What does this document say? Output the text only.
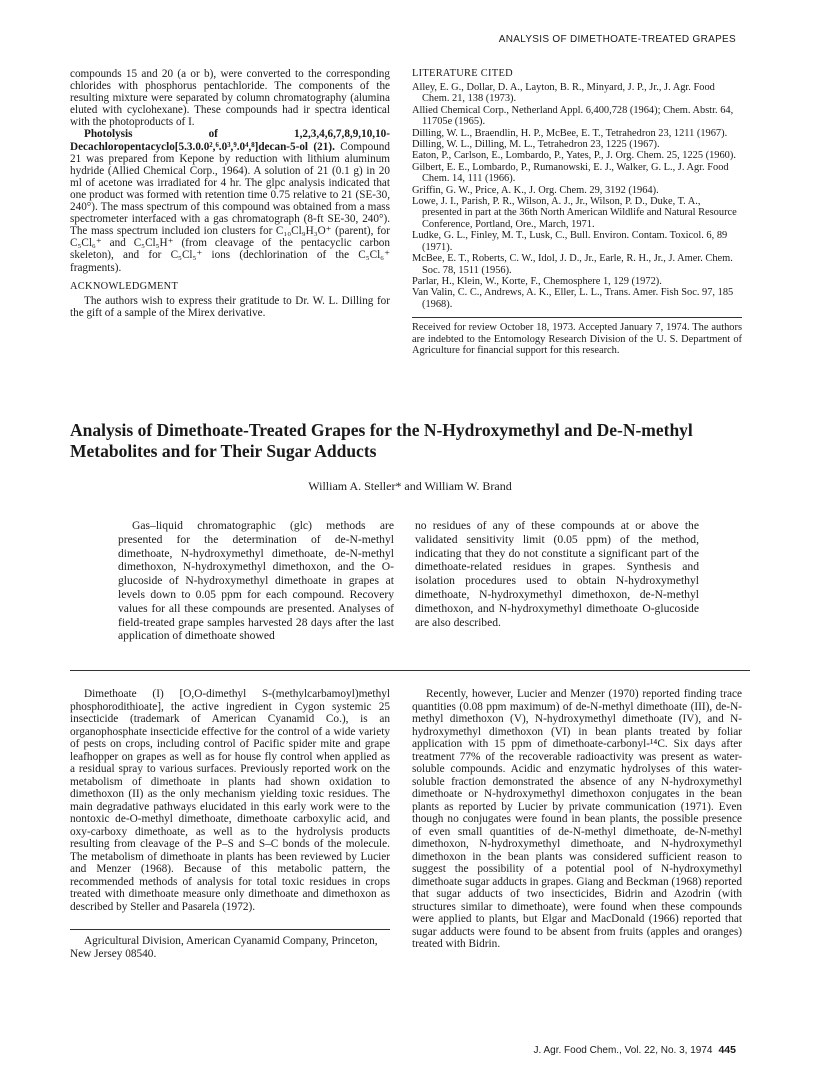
ANALYSIS OF DIMETHOATE-TREATED GRAPES

compounds 15 and 20 (a or b), were converted to the corresponding chlorides with phosphorus pentachloride. The components of the resulting mixture were separated by column chromatography (alumina eluted with cyclohexane). These compounds had ir spectra identical with the photoproducts of I.

Photolysis of 1,2,3,4,6,7,8,9,10,10-Decachloropentacyclo[5.3.0.0²,⁶.0³,⁹.0⁴,⁸]decan-5-ol (21). Compound 21 was prepared from Kepone by reduction with lithium aluminum hydride (Allied Chemical Corp., 1964). A solution of 21 (0.1 g) in 20 ml of acetone was irradiated for 4 hr. The glpc analysis indicated that one product was formed with retention time 0.75 relative to 21 (SE-30, 240°). The mass spectrum of this compound was obtained from a mass spectrometer interfaced with a gas chromatograph (8-ft SE-30, 240°). The mass spectrum included ion clusters for C₁₀Cl₉H₃O⁺ (parent), for C₅Cl₆⁺ and C₅Cl₅H⁺ (from cleavage of the pentacyclic carbon skeleton), and for C₅Cl₅⁺ ions (dechlorination of the C₅Cl₆⁺ fragments).

ACKNOWLEDGMENT

The authors wish to express their gratitude to Dr. W. L. Dilling for the gift of a sample of the Mirex derivative.

LITERATURE CITED

Alley, E. G., Dollar, D. A., Layton, B. R., Minyard, J. P., Jr., J. Agr. Food Chem. 21, 138 (1973).

Allied Chemical Corp., Netherland Appl. 6,400,728 (1964); Chem. Abstr. 64, 11705e (1965).

Dilling, W. L., Braendlin, H. P., McBee, E. T., Tetrahedron 23, 1211 (1967).

Dilling, W. L., Dilling, M. L., Tetrahedron 23, 1225 (1967).

Eaton, P., Carlson, E., Lombardo, P., Yates, P., J. Org. Chem. 25, 1225 (1960).

Gilbert, E. E., Lombardo, P., Rumanowski, E. J., Walker, G. L., J. Agr. Food Chem. 14, 111 (1966).

Griffin, G. W., Price, A. K., J. Org. Chem. 29, 3192 (1964).

Lowe, J. I., Parish, P. R., Wilson, A. J., Jr., Wilson, P. D., Duke, T. A., presented in part at the 36th North American Wildlife and Natural Resource Conference, Portland, Ore., March, 1971.

Ludke, G. L., Finley, M. T., Lusk, C., Bull. Environ. Contam. Toxicol. 6, 89 (1971).

McBee, E. T., Roberts, C. W., Idol, J. D., Jr., Earle, R. H., Jr., J. Amer. Chem. Soc. 78, 1511 (1956).

Parlar, H., Klein, W., Korte, F., Chemosphere 1, 129 (1972).

Van Valin, C. C., Andrews, A. K., Eller, L. L., Trans. Amer. Fish Soc. 97, 185 (1968).

Received for review October 18, 1973. Accepted January 7, 1974. The authors are indebted to the Entomology Research Division of the U. S. Department of Agriculture for financial support for this research.

Analysis of Dimethoate-Treated Grapes for the N-Hydroxymethyl and De-N-methyl Metabolites and for Their Sugar Adducts

William A. Steller* and William W. Brand

Gas–liquid chromatographic (glc) methods are presented for the determination of de-N-methyl dimethoate, N-hydroxymethyl dimethoate, de-N-methyl dimethoxon, N-hydroxymethyl dimethoxon, and the O-glucoside of N-hydroxymethyl dimethoate in grapes at levels down to 0.05 ppm for each compound. Recovery values for all these compounds are presented. Analyses of field-treated grape samples harvested 28 days after the last application of dimethoate showed

no residues of any of these compounds at or above the validated sensitivity limit (0.05 ppm) of the method, indicating that they do not constitute a significant part of the dimethoate-related residues in grapes. Synthesis and isolation procedures used to obtain N-hydroxymethyl dimethoate, N-hydroxymethyl dimethoxon, de-N-methyl dimethoxon, and N-hydroxymethyl dimethoate O-glucoside are also described.

Dimethoate (I) [O,O-dimethyl S-(methylcarbamoyl)methyl phosphorodithioate], the active ingredient in Cygon systemic 25 insecticide (trademark of American Cyanamid Co.), is an organophosphate insecticide effective for the control of a wide variety of pests on crops, including control of Pacific spider mite and grape leafhopper on grapes as well as for house fly control when applied as a residual spray to various surfaces. Previously reported work on the metabolism of dimethoate in plants had shown oxidation to dimethoxon (II) as the only mechanism yielding toxic residues. The main degradative pathways elucidated in this early work were to the nontoxic de-O-methyl dimethoate, dimethoate carboxylic acid, and oxy-carboxy dimethoate, as well as to the hydrolysis products resulting from cleavage of the P–S and S–C bonds of the molecule. The metabolism of dimethoate in plants has been reviewed by Lucier and Menzer (1968). Because of this metabolic pattern, the recommended methods of analysis for total toxic residues in crops treated with dimethoate measure only dimethoate and dimethoxon as described by Steller and Pasarela (1972).

Agricultural Division, American Cyanamid Company, Princeton, New Jersey 08540.

Recently, however, Lucier and Menzer (1970) reported finding trace quantities (0.08 ppm maximum) of de-N-methyl dimethoate (III), de-N-methyl dimethoxon (V), N-hydroxymethyl dimethoate (IV), and N-hydroxymethyl dimethoxon (VI) in bean plants treated by foliar application with 15 ppm of dimethoate-carbonyl-¹⁴C. Six days after treatment 77% of the recoverable radioactivity was present as water-soluble compounds. Acidic and enzymatic hydrolyses of this water-soluble fraction demonstrated the absence of any N-hydroxymethyl dimethoate or N-hydroxymethyl dimethoxon conjugates in the bean plants as reported by Lucier by private communication (1971). Even though no conjugates were found in bean plants, the possible presence of even small quantities of de-N-methyl dimethoate, de-N-methyl dimethoxon, N-hydroxymethyl dimethoate, and N-hydroxymethyl dimethoxon in the bean plants was considered sufficient reason to suggest the possibility of a potential pool of N-hydroxymethyl dimethoate sugar adducts in grapes. Giang and Beckman (1968) reported that sugar adducts of two insecticides, Bidrin and Azodrin (with structures similar to dimethoate), were found when these compounds were applied to plants, but Elgar and MacDonald (1966) reported that sugar adducts were found to be absent from fruits (apples and oranges) treated with Bidrin.

J. Agr. Food Chem., Vol. 22, No. 3, 1974 445
